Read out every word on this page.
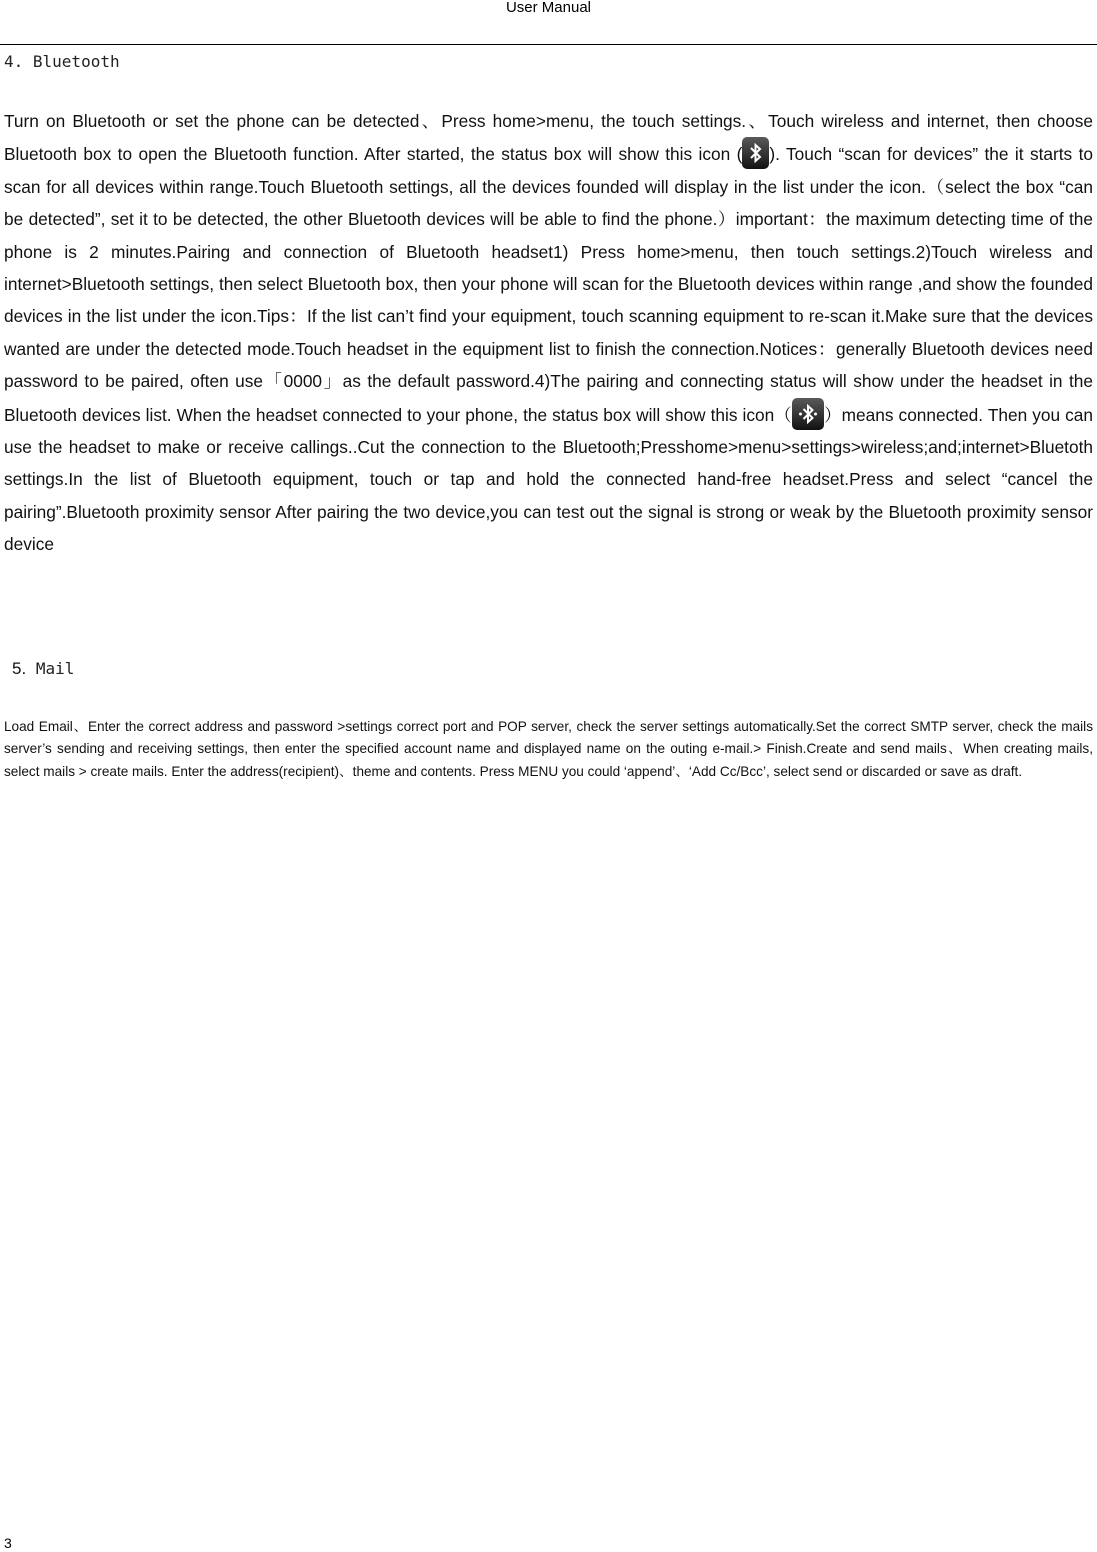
User Manual
4. Bluetooth
Turn on Bluetooth or set the phone can be detected、Press home>menu, the touch settings.、Touch wireless and internet, then choose Bluetooth box to open the Bluetooth function. After started, the status box will show this icon ( ). Touch “scan for devices” the it starts to scan for all devices within range.Touch Bluetooth settings, all the devices founded will display in the list under the icon.（select the box “can be detected”, set it to be detected, the other Bluetooth devices will be able to find the phone.）important：the maximum detecting time of the phone is 2 minutes.Pairing and connection of Bluetooth headset1) Press home>menu, then touch settings.2)Touch wireless and internet>Bluetooth settings, then select Bluetooth box, then your phone will scan for the Bluetooth devices within range ,and show the founded devices in the list under the icon.Tips：If the list can’t find your equipment, touch scanning equipment to re-scan it.Make sure that the devices wanted are under the detected mode.Touch headset in the equipment list to finish the connection.Notices：generally Bluetooth devices need password to be paired, often use「0000」as the default password.4)The pairing and connecting status will show under the headset in the Bluetooth devices list. When the headset connected to your phone, the status box will show this icon（ ）means connected. Then you can use the headset to make or receive callings..Cut the connection to the Bluetooth;Presshome>menu>settings>wireless;and;internet>Bluetoth settings.In the list of Bluetooth equipment, touch or tap and hold the connected hand-free headset.Press and select “cancel the pairing”.Bluetooth proximity sensor After pairing the two device,you can test out the signal is strong or weak by the Bluetooth proximity sensor device
5. Mail
Load Email、Enter the correct address and password >settings correct port and POP server, check the server settings automatically.Set the correct SMTP server, check the mails server’s sending and receiving settings, then enter the specified account name and displayed name on the outing e-mail.> Finish.Create and send mails、When creating mails, select mails > create mails. Enter the address(recipient)、theme and contents. Press MENU you could ‘append’、‘Add Cc/Bcc’, select send or discarded or save as draft.
3
